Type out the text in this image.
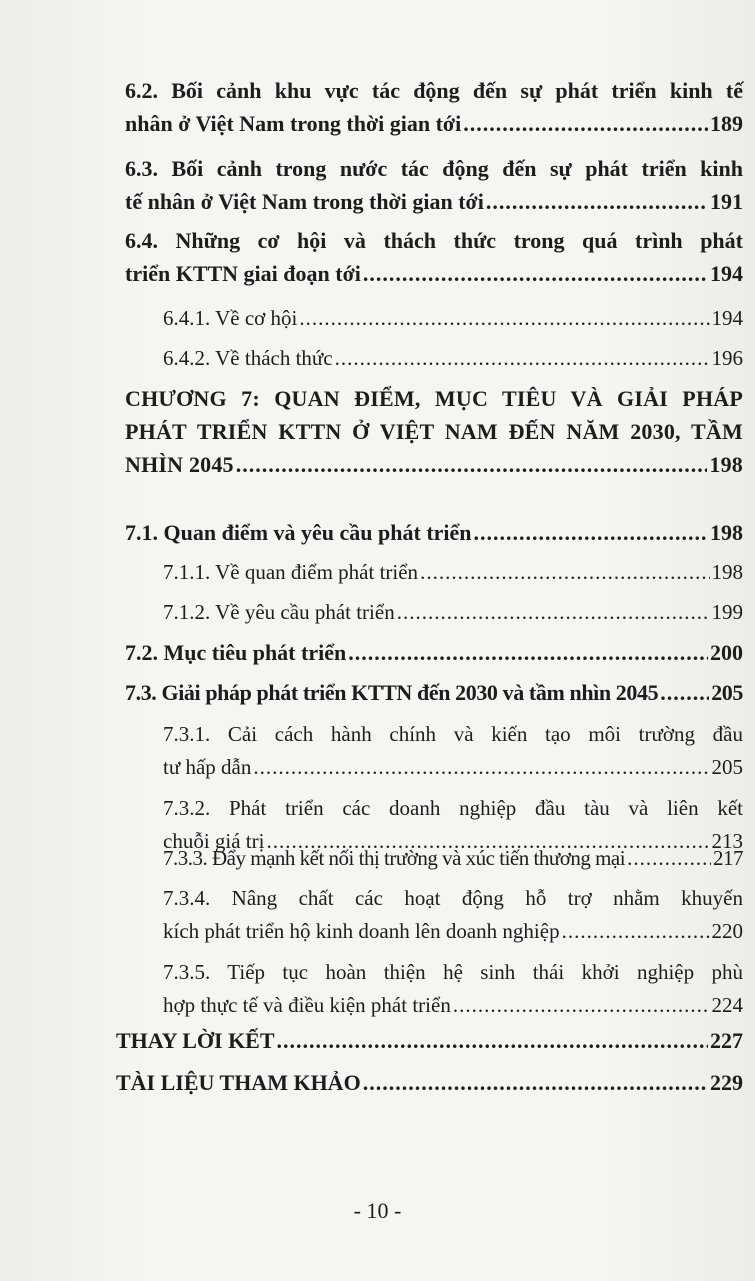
6.2. Bối cảnh khu vực tác động đến sự phát triển kinh tế
nhân ở Việt Nam trong thời gian tới .....	189
6.3. Bối cảnh trong nước tác động đến sự phát triển kinh
tế nhân ở Việt Nam trong thời gian tới .....	191
6.4. Những cơ hội và thách thức trong quá trình phát
triển KTTN giai đoạn tới .....	194
6.4.1. Về cơ hội .....	194
6.4.2. Về thách thức .....	196
CHƯƠNG 7: QUAN ĐIỂM, MỤC TIÊU VÀ GIẢI PHÁP
PHÁT TRIỂN KTTN Ở VIỆT NAM ĐẾN NĂM 2030, TẦM
NHÌN 2045 .....	198
7.1. Quan điểm và yêu cầu phát triển .....	198
7.1.1. Về quan điểm phát triển .....	198
7.1.2. Về yêu cầu phát triển .....	199
7.2. Mục tiêu phát triển .....	200
7.3. Giải pháp phát triển KTTN đến 2030 và tầm nhìn 2045 ..... 205
7.3.1. Cải cách hành chính và kiến tạo môi trường đầu
tư hấp dẫn .....	205
7.3.2. Phát triển các doanh nghiệp đầu tàu và liên kết
chuỗi giá trị .....	213
7.3.3. Đẩy mạnh kết nối thị trường và xúc tiến thương mại .....	217
7.3.4. Nâng chất các hoạt động hỗ trợ nhằm khuyến
kích phát triển hộ kinh doanh lên doanh nghiệp .....	220
7.3.5. Tiếp tục hoàn thiện hệ sinh thái khởi nghiệp phù
hợp thực tế và điều kiện phát triển .....	224
THAY LỜI KẾT .....	227
TÀI LIỆU THAM KHẢO .....	229
- 10 -
